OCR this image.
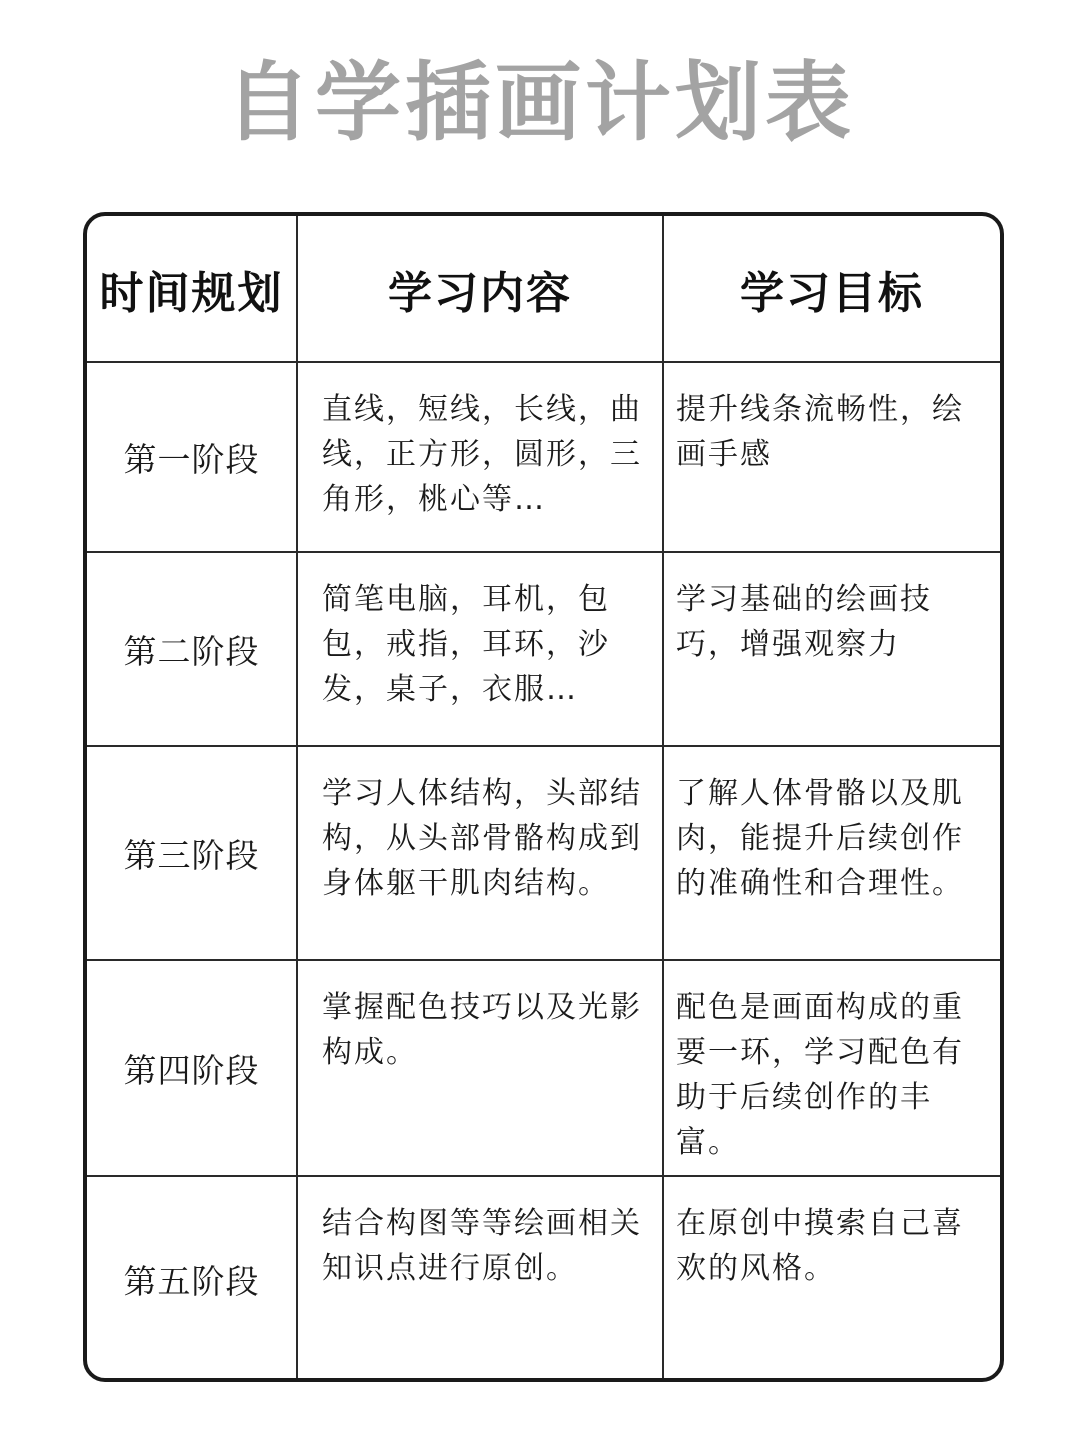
自学插画计划表
时间规划	学习内容	学习目标
第一阶段	直线，短线，长线，曲线，正方形，圆形，三角形，桃心等…	提升线条流畅性，绘画手感
第二阶段	简笔电脑，耳机，包包，戒指，耳环，沙发，桌子，衣服…	学习基础的绘画技巧，增强观察力
第三阶段	学习人体结构，头部结构，从头部骨骼构成到身体躯干肌肉结构。	了解人体骨骼以及肌肉，能提升后续创作的准确性和合理性。
第四阶段	掌握配色技巧以及光影构成。	配色是画面构成的重要一环，学习配色有助于后续创作的丰富。
第五阶段	结合构图等等绘画相关知识点进行原创。	在原创中摸索自己喜欢的风格。
